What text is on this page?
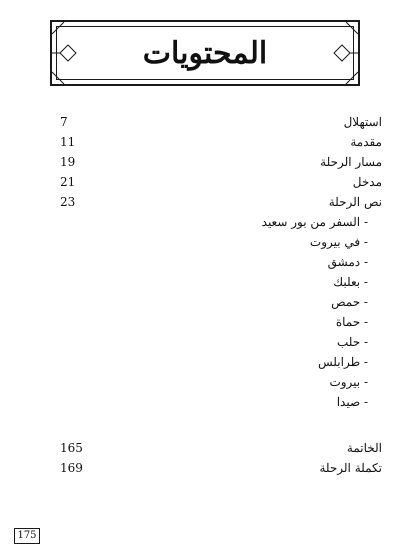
المحتويات
استهلال
7
مقدمة
11
مسار الرحلة
19
مدخل
21
نص الرحلة
23
- السفر من بور سعيد
- في بيروت
- دمشق
- بعلبك
- حمص
- حماة
- حلب
- طرابلس
- بيروت
- صيدا
الخاتمة
165
تكملة الرحلة
169
175
